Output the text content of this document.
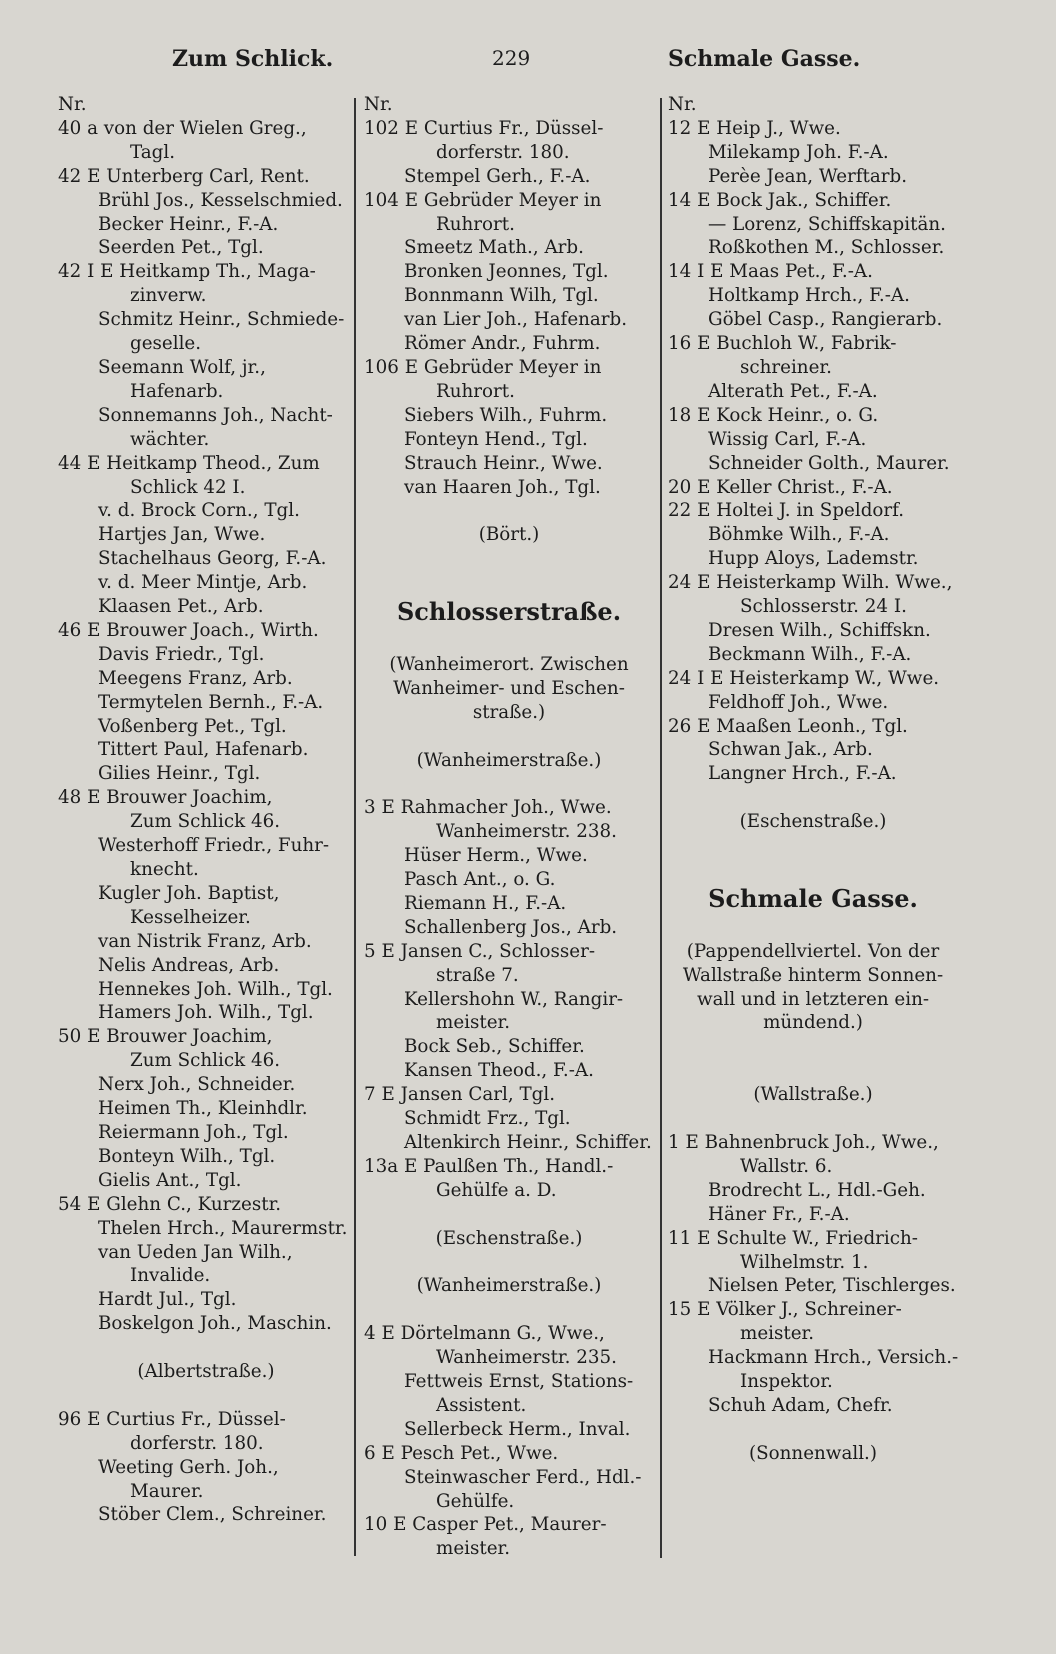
Zum Schlick.	229	Schmale Gasse.
Nr.
40 a von der Wielen Greg.,
Tagl.
42 E Unterberg Carl, Rent.
Brühl Jos., Kesselschmied.
Becker Heinr., F.-A.
Seerden Pet., Tgl.
42 I E Heitkamp Th., Maga-
zinverw.
Schmitz Heinr., Schmiede-
geselle.
Seemann Wolf, jr.,
Hafenarb.
Sonnemanns Joh., Nacht-
wächter.
44 E Heitkamp Theod., Zum
Schlick 42 I.
v. d. Brock Corn., Tgl.
Hartjes Jan, Wwe.
Stachelhaus Georg, F.-A.
v. d. Meer Mintje, Arb.
Klaasen Pet., Arb.
46 E Brouwer Joach., Wirth.
Davis Friedr., Tgl.
Meegens Franz, Arb.
Termytelen Bernh., F.-A.
Voßenberg Pet., Tgl.
Tittert Paul, Hafenarb.
Gilies Heinr., Tgl.
48 E Brouwer Joachim,
Zum Schlick 46.
Westerhoff Friedr., Fuhr-
knecht.
Kugler Joh. Baptist,
Kesselheizer.
van Nistrik Franz, Arb.
Nelis Andreas, Arb.
Hennekes Joh. Wilh., Tgl.
Hamers Joh. Wilh., Tgl.
50 E Brouwer Joachim,
Zum Schlick 46.
Nerx Joh., Schneider.
Heimen Th., Kleinhdlr.
Reiermann Joh., Tgl.
Bonteyn Wilh., Tgl.
Gielis Ant., Tgl.
54 E Glehn C., Kurzestr.
Thelen Hrch., Maurermstr.
van Ueden Jan Wilh.,
Invalide.
Hardt Jul., Tgl.
Boskelgon Joh., Maschin.
(Albertstraße.)
96 E Curtius Fr., Düssel-
dorferstr. 180.
Weeting Gerh. Joh.,
Maurer.
Stöber Clem., Schreiner.
Nr.
102 E Curtius Fr., Düssel-
dorferstr. 180.
Stempel Gerh., F.-A.
104 E Gebrüder Meyer in
Ruhrort.
Smeetz Math., Arb.
Bronken Jeonnes, Tgl.
Bonnmann Wilh, Tgl.
van Lier Joh., Hafenarb.
Römer Andr., Fuhrm.
106 E Gebrüder Meyer in
Ruhrort.
Siebers Wilh., Fuhrm.
Fonteyn Hend., Tgl.
Strauch Heinr., Wwe.
van Haaren Joh., Tgl.
(Bört.)
Schlosserstraße.
(Wanheimerort. Zwischen
Wanheimer- und Eschen-
straße.)
(Wanheimerstraße.)
3 E Rahmacher Joh., Wwe.
Wanheimerstr. 238.
Hüser Herm., Wwe.
Pasch Ant., o. G.
Riemann H., F.-A.
Schallenberg Jos., Arb.
5 E Jansen C., Schlosser-
straße 7.
Kellershohn W., Rangir-
meister.
Bock Seb., Schiffer.
Kansen Theod., F.-A.
7 E Jansen Carl, Tgl.
Schmidt Frz., Tgl.
Altenkirch Heinr., Schiffer.
13a E Paulßen Th., Handl.-
Gehülfe a. D.
(Eschenstraße.)
(Wanheimerstraße.)
4 E Dörtelmann G., Wwe.,
Wanheimerstr. 235.
Fettweis Ernst, Stations-
Assistent.
Sellerbeck Herm., Inval.
6 E Pesch Pet., Wwe.
Steinwascher Ferd., Hdl.-
Gehülfe.
10 E Casper Pet., Maurer-
meister.
Nr.
12 E Heip J., Wwe.
Milekamp Joh. F.-A.
Perèe Jean, Werftarb.
14 E Bock Jak., Schiffer.
— Lorenz, Schiffskapitän.
Roßkothen M., Schlosser.
14 I E Maas Pet., F.-A.
Holtkamp Hrch., F.-A.
Göbel Casp., Rangierarb.
16 E Buchloh W., Fabrik-
schreiner.
Alterath Pet., F.-A.
18 E Kock Heinr., o. G.
Wissig Carl, F.-A.
Schneider Golth., Maurer.
20 E Keller Christ., F.-A.
22 E Holtei J. in Speldorf.
Böhmke Wilh., F.-A.
Hupp Aloys, Lademstr.
24 E Heisterkamp Wilh. Wwe.,
Schlosserstr. 24 I.
Dresen Wilh., Schiffskn.
Beckmann Wilh., F.-A.
24 I E Heisterkamp W., Wwe.
Feldhoff Joh., Wwe.
26 E Maaßen Leonh., Tgl.
Schwan Jak., Arb.
Langner Hrch., F.-A.
(Eschenstraße.)
Schmale Gasse.
(Pappendellviertel. Von der
Wallstraße hinterm Sonnen-
wall und in letzteren ein-
mündend.)
(Wallstraße.)
1 E Bahnenbruck Joh., Wwe.,
Wallstr. 6.
Brodrecht L., Hdl.-Geh.
Häner Fr., F.-A.
11 E Schulte W., Friedrich-
Wilhelmstr. 1.
Nielsen Peter, Tischlerges.
15 E Völker J., Schreiner-
meister.
Hackmann Hrch., Versich.-
Inspektor.
Schuh Adam, Chefr.
(Sonnenwall.)
